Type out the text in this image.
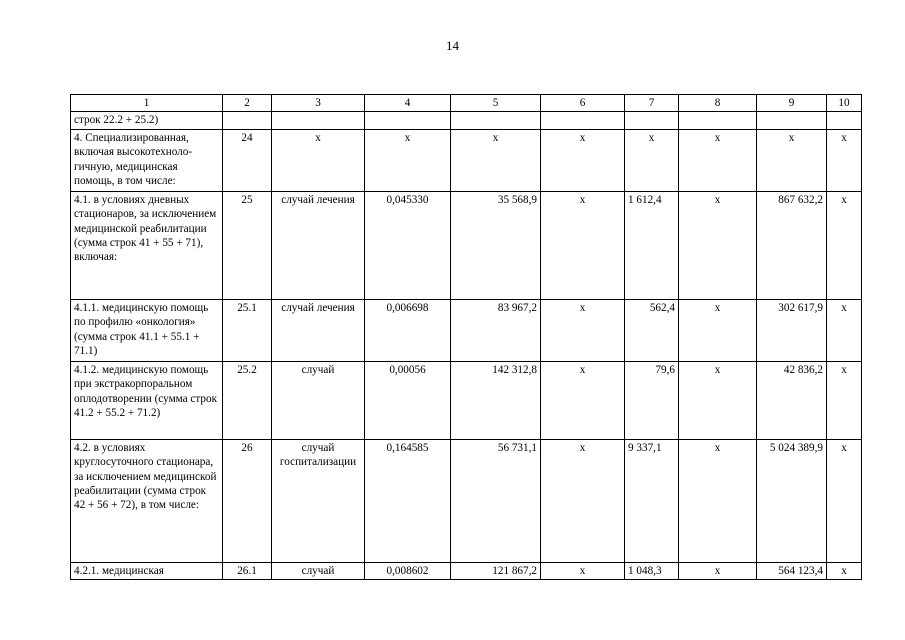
14
1	2	3	4	5	6	7	8	9	10
строк 22.2 + 25.2)									
4. Специализированная, включая высокотехноло-гичную, медицинская помощь, в том числе:	24	х	х	х	х	х	х	х	х
4.1. в условиях дневных стационаров, за исключением медицинской реабилитации (сумма строк 41 + 55 + 71), включая:	25	случай лечения	0,045330	35 568,9	х	1 612,4	х	867 632,2	х
4.1.1. медицинскую помощь по профилю «онкология» (сумма строк 41.1 + 55.1 + 71.1)	25.1	случай лечения	0,006698	83 967,2	х	562,4	х	302 617,9	х
4.1.2. медицинскую помощь при экстракорпоральном оплодотворении (сумма строк 41.2 + 55.2 + 71.2)	25.2	случай	0,00056	142 312,8	х	79,6	х	42 836,2	х
4.2. в условиях круглосуточного стационара, за исключением медицинской реабилитации (сумма строк 42 + 56 + 72), в том числе:	26	случай госпитализации	0,164585	56 731,1	х	9 337,1	х	5 024 389,9	х
4.2.1. медицинская	26.1	случай	0,008602	121 867,2	х	1 048,3	х	564 123,4	х
